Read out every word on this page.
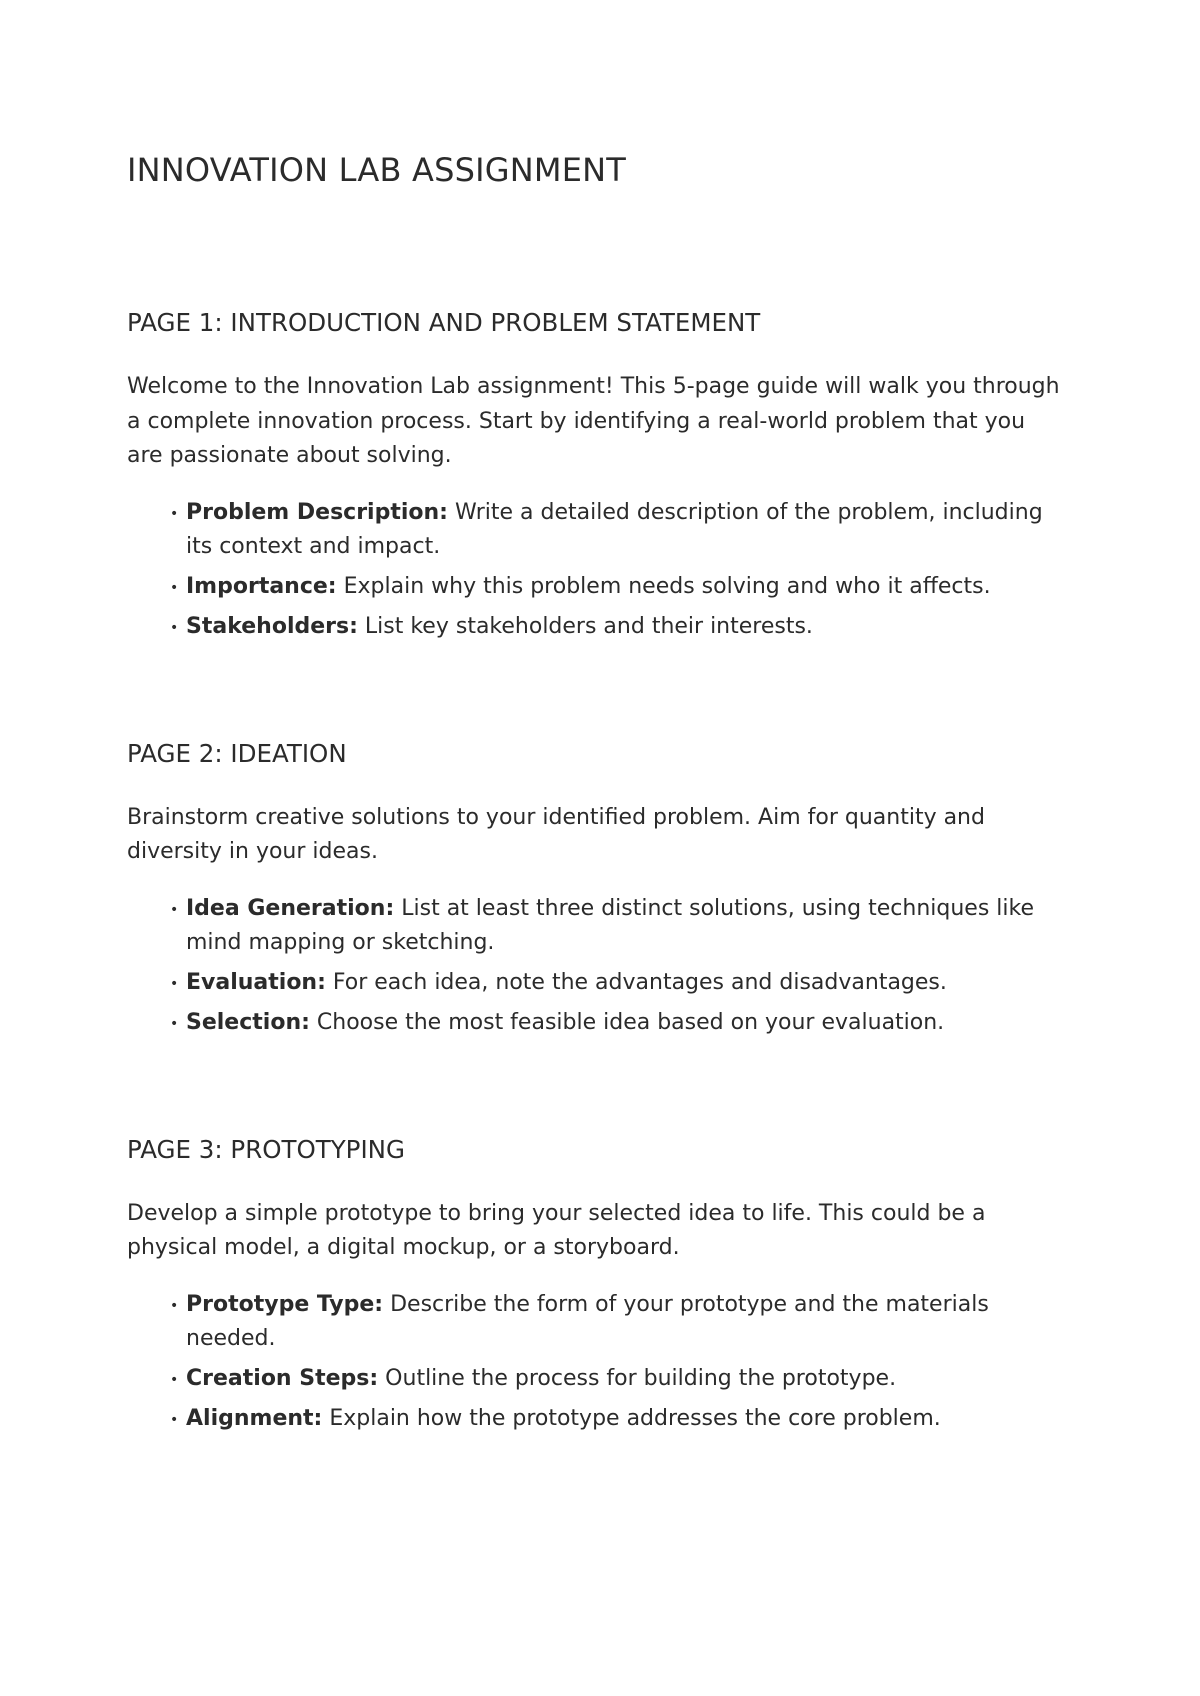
INNOVATION LAB ASSIGNMENT
PAGE 1: INTRODUCTION AND PROBLEM STATEMENT

Welcome to the Innovation Lab assignment! This 5-page guide will walk you through a complete innovation process. Start by identifying a real-world problem that you are passionate about solving.

• Problem Description: Write a detailed description of the problem, including its context and impact.
• Importance: Explain why this problem needs solving and who it affects.
• Stakeholders: List key stakeholders and their interests.
PAGE 2: IDEATION

Brainstorm creative solutions to your identified problem. Aim for quantity and diversity in your ideas.

• Idea Generation: List at least three distinct solutions, using techniques like mind mapping or sketching.
• Evaluation: For each idea, note the advantages and disadvantages.
• Selection: Choose the most feasible idea based on your evaluation.
PAGE 3: PROTOTYPING

Develop a simple prototype to bring your selected idea to life. This could be a physical model, a digital mockup, or a storyboard.

• Prototype Type: Describe the form of your prototype and the materials needed.
• Creation Steps: Outline the process for building the prototype.
• Alignment: Explain how the prototype addresses the core problem.
